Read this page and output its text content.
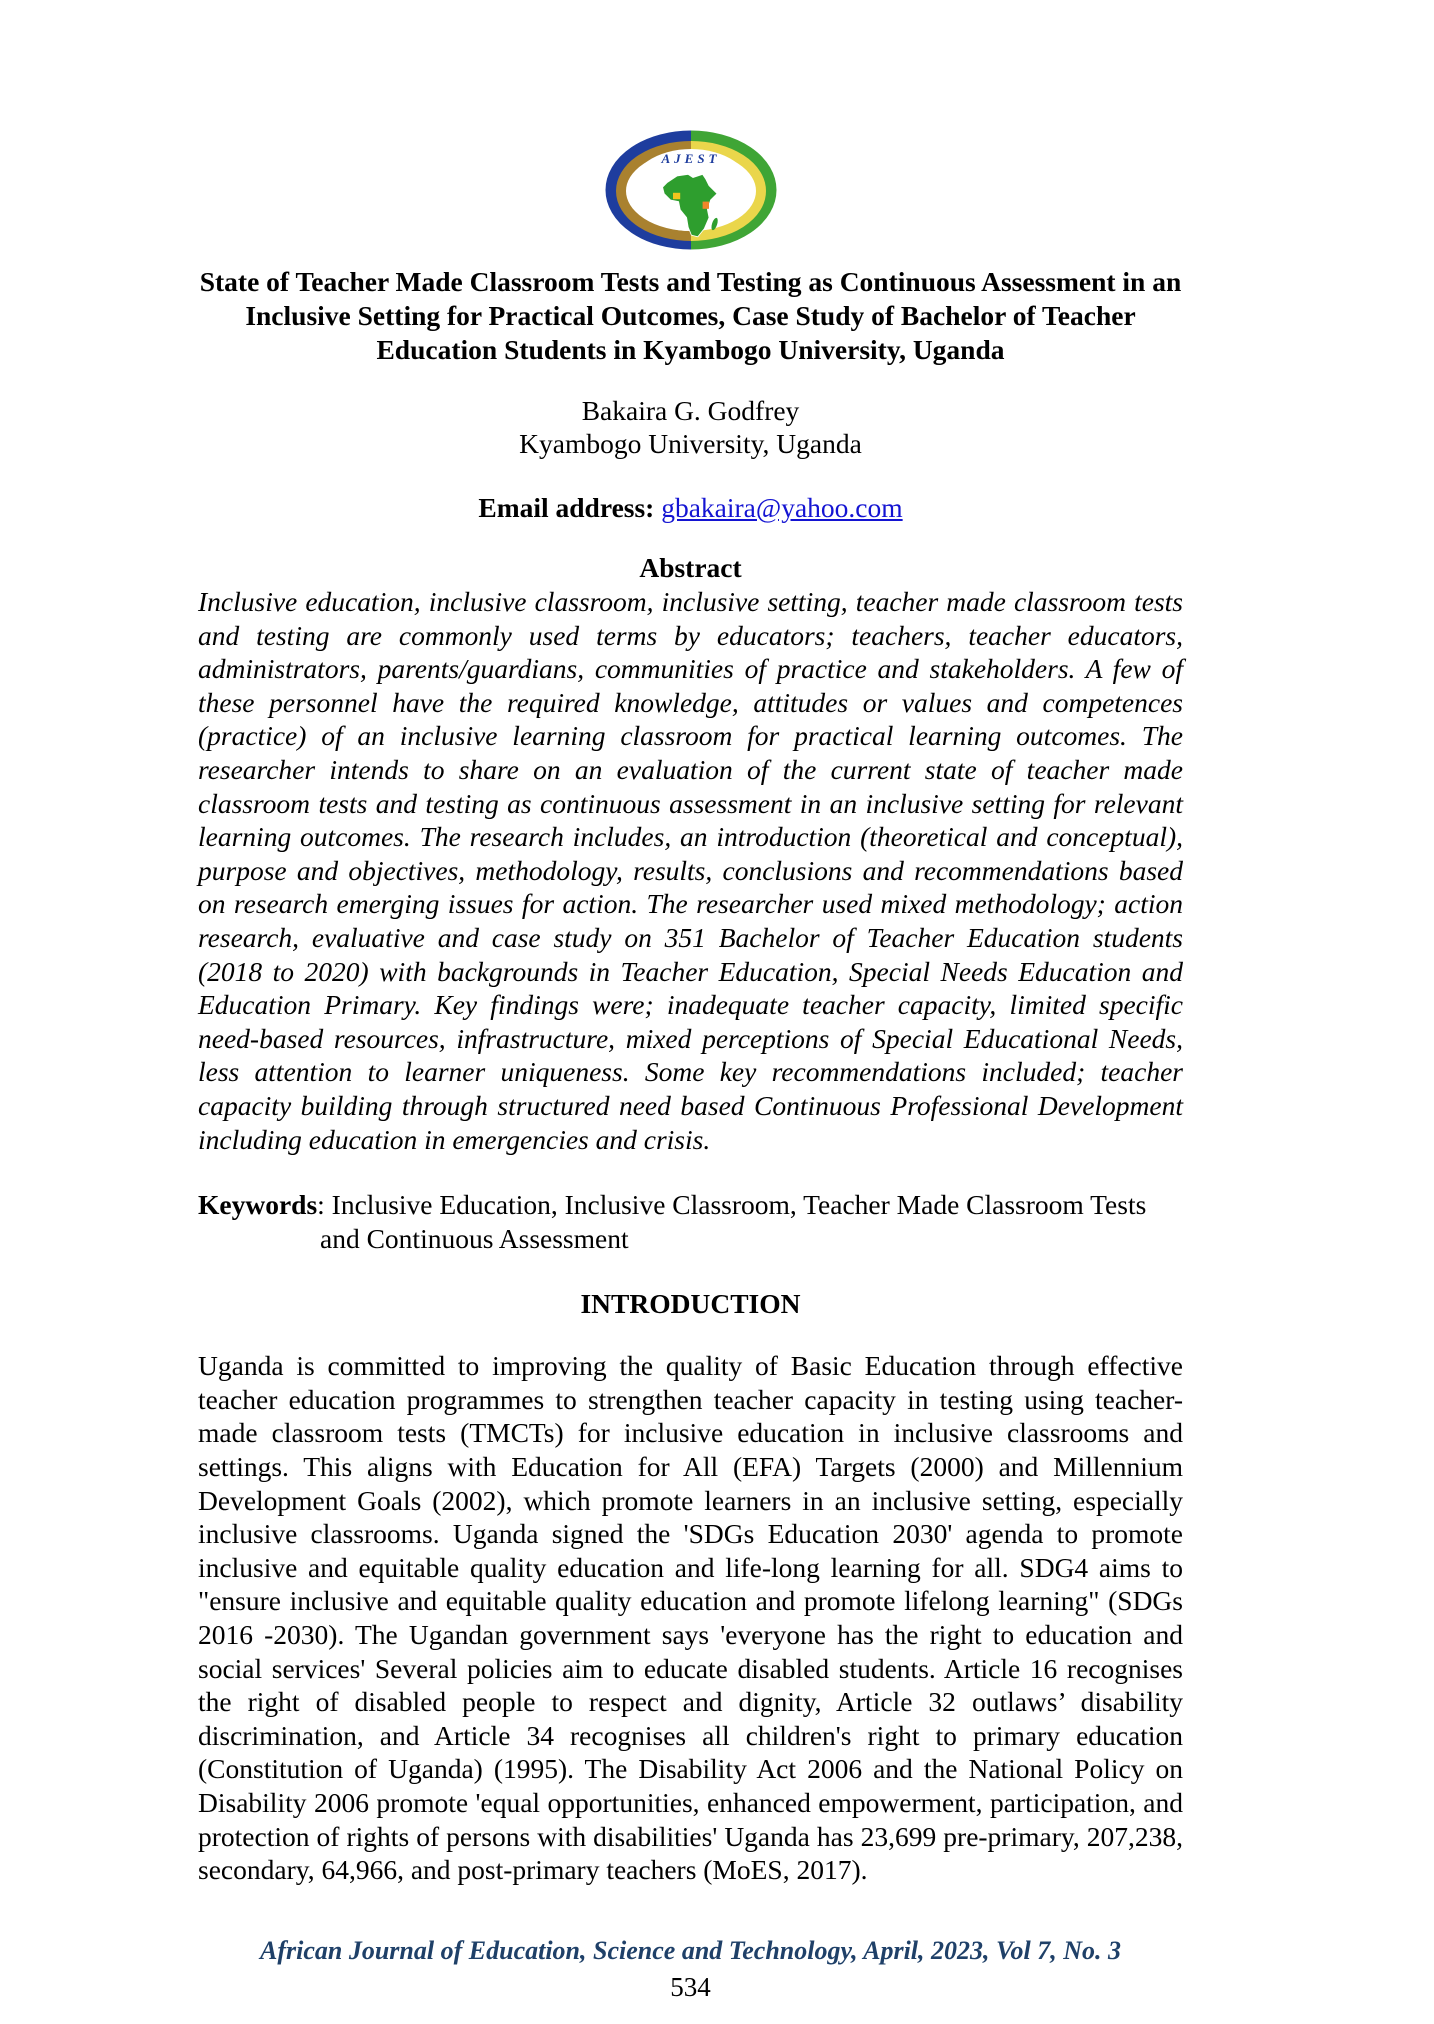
AJEST
State of Teacher Made Classroom Tests and Testing as Continuous Assessment in an Inclusive Setting for Practical Outcomes, Case Study of Bachelor of Teacher Education Students in Kyambogo University, Uganda
Bakaira G. Godfrey
Kyambogo University, Uganda
Email address: gbakaira@yahoo.com
Abstract
Inclusive education, inclusive classroom, inclusive setting, teacher made classroom tests and testing are commonly used terms by educators; teachers, teacher educators, administrators, parents/guardians, communities of practice and stakeholders. A few of these personnel have the required knowledge, attitudes or values and competences (practice) of an inclusive learning classroom for practical learning outcomes. The researcher intends to share on an evaluation of the current state of teacher made classroom tests and testing as continuous assessment in an inclusive setting for relevant learning outcomes. The research includes, an introduction (theoretical and conceptual), purpose and objectives, methodology, results, conclusions and recommendations based on research emerging issues for action. The researcher used mixed methodology; action research, evaluative and case study on 351 Bachelor of Teacher Education students (2018 to 2020) with backgrounds in Teacher Education, Special Needs Education and Education Primary. Key findings were; inadequate teacher capacity, limited specific need-based resources, infrastructure, mixed perceptions of Special Educational Needs, less attention to learner uniqueness. Some key recommendations included; teacher capacity building through structured need based Continuous Professional Development including education in emergencies and crisis.
Keywords: Inclusive Education, Inclusive Classroom, Teacher Made Classroom Tests
and Continuous Assessment
INTRODUCTION
Uganda is committed to improving the quality of Basic Education through effective teacher education programmes to strengthen teacher capacity in testing using teacher-made classroom tests (TMCTs) for inclusive education in inclusive classrooms and settings. This aligns with Education for All (EFA) Targets (2000) and Millennium Development Goals (2002), which promote learners in an inclusive setting, especially inclusive classrooms. Uganda signed the 'SDGs Education 2030' agenda to promote inclusive and equitable quality education and life-long learning for all. SDG4 aims to "ensure inclusive and equitable quality education and promote lifelong learning" (SDGs 2016 -2030). The Ugandan government says 'everyone has the right to education and social services' Several policies aim to educate disabled students. Article 16 recognises the right of disabled people to respect and dignity, Article 32 outlaws’ disability discrimination, and Article 34 recognises all children's right to primary education (Constitution of Uganda) (1995). The Disability Act 2006 and the National Policy on Disability 2006 promote 'equal opportunities, enhanced empowerment, participation, and protection of rights of persons with disabilities' Uganda has 23,699 pre-primary, 207,238, secondary, 64,966, and post-primary teachers (MoES, 2017).
African Journal of Education, Science and Technology, April, 2023, Vol 7, No. 3
534
